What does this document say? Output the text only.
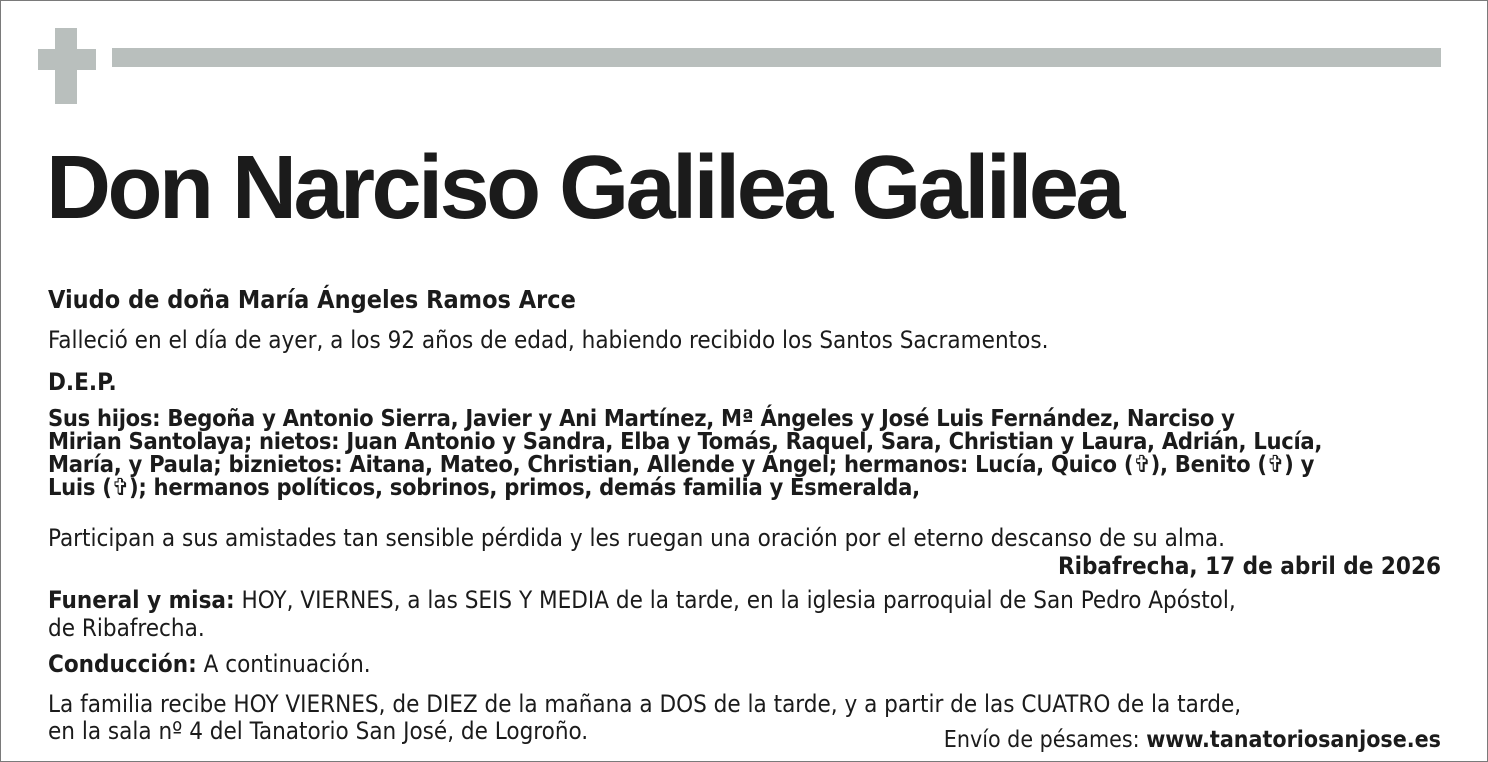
Don Narciso Galilea Galilea
Viudo de doña María Ángeles Ramos Arce
Falleció en el día de ayer, a los 92 años de edad, habiendo recibido los Santos Sacramentos.
D.E.P.
Sus hijos: Begoña y Antonio Sierra, Javier y Ani Martínez, Mª Ángeles y José Luis Fernández, Narciso y
Mirian Santolaya; nietos: Juan Antonio y Sandra, Elba y Tomás, Raquel, Sara, Christian y Laura, Adrián, Lucía,
María, y Paula; biznietos: Aitana, Mateo, Christian, Allende y Ángel; hermanos: Lucía, Quico (✞), Benito (✞) y
Luis (✞); hermanos políticos, sobrinos, primos, demás familia y Esmeralda,
Participan a sus amistades tan sensible pérdida y les ruegan una oración por el eterno descanso de su alma.
Ribafrecha, 17 de abril de 2026
Funeral y misa: HOY, VIERNES, a las SEIS Y MEDIA de la tarde, en la iglesia parroquial de San Pedro Apóstol,
de Ribafrecha.
Conducción: A continuación.
La familia recibe HOY VIERNES, de DIEZ de la mañana a DOS de la tarde, y a partir de las CUATRO de la tarde,
en la sala nº 4 del Tanatorio San José, de Logroño.	Envío de pésames: www.tanatoriosanjose.es
